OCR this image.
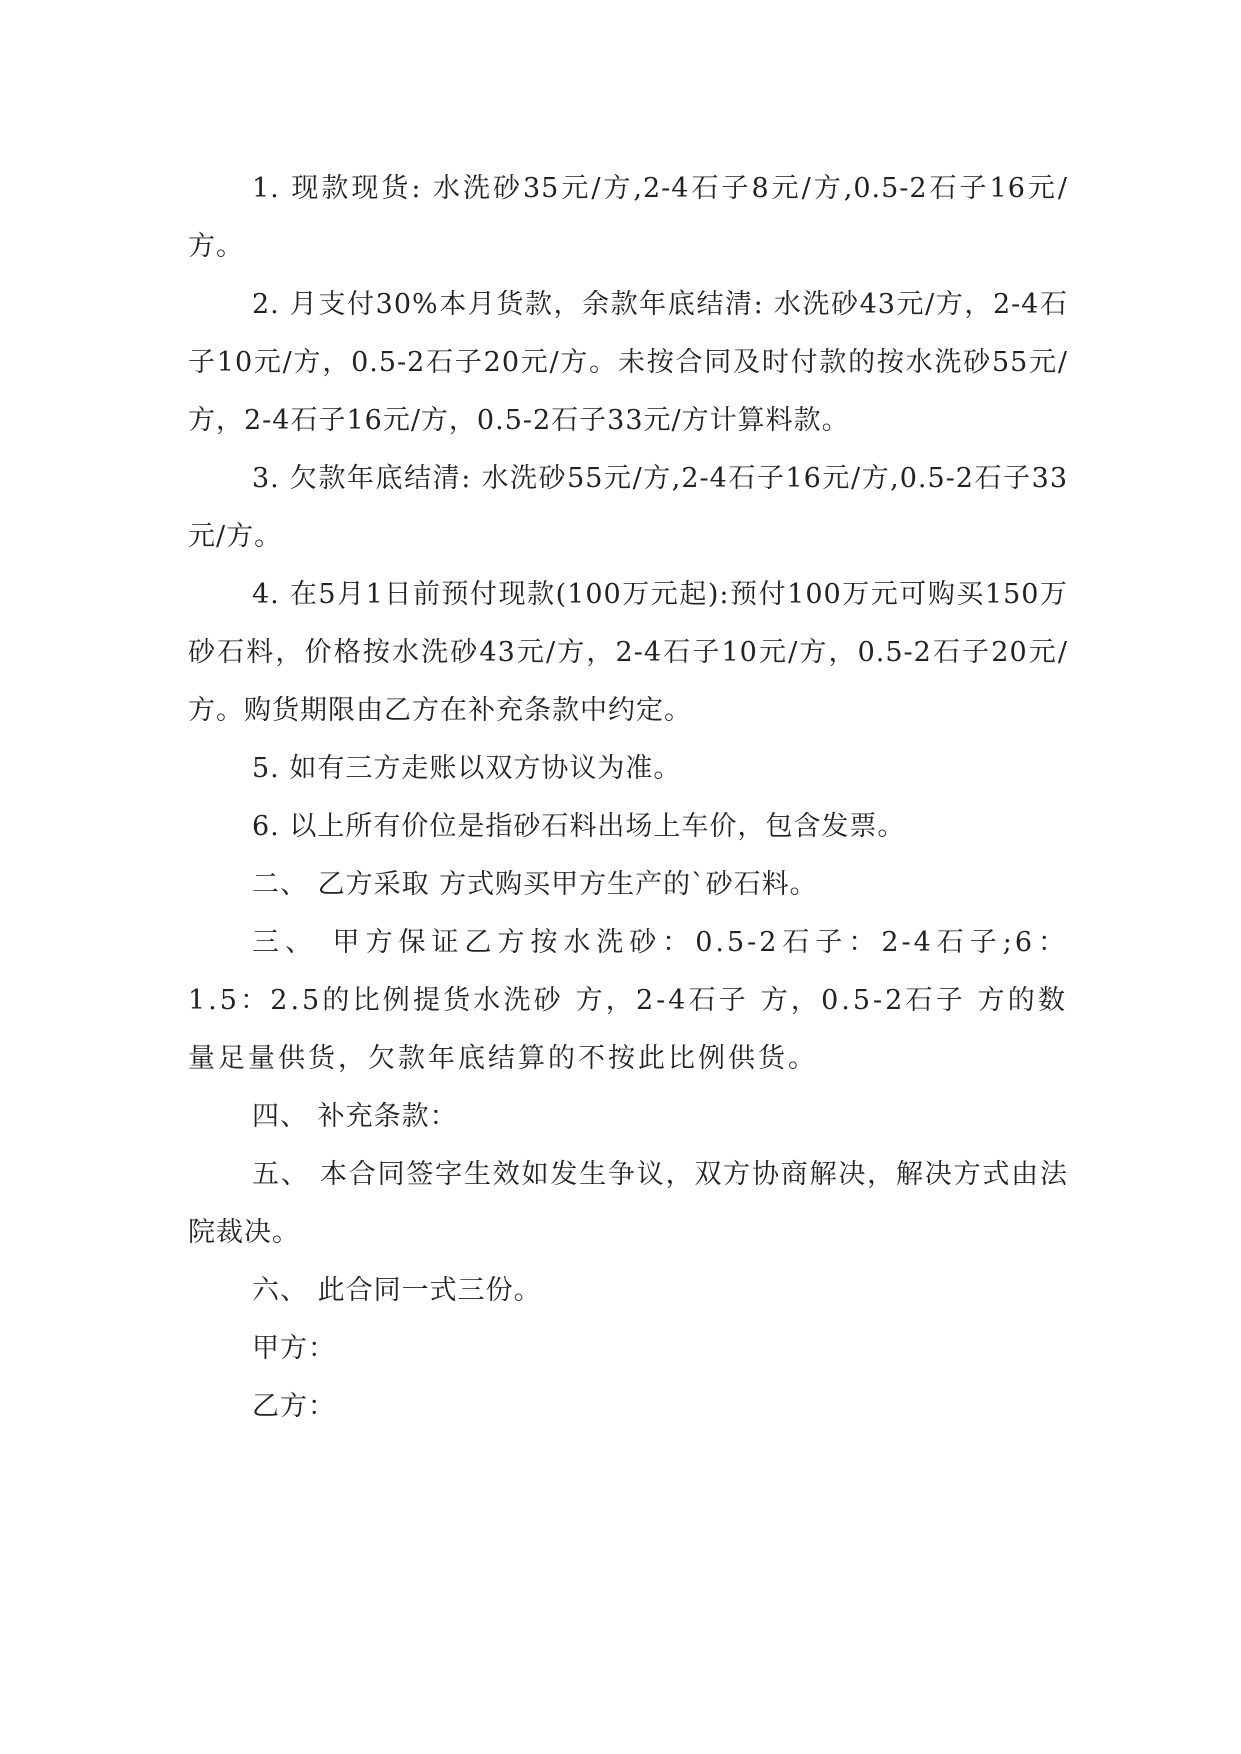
1. 现款现货: 水洗砂35元/方,2-4石子8元/方,0.5-2石子16元/方。

2. 月支付30%本月货款，余款年底结清: 水洗砂43元/方，2-4石子10元/方，0.5-2石子20元/方。未按合同及时付款的按水洗砂55元/方，2-4石子16元/方，0.5-2石子33元/方计算料款。

3. 欠款年底结清: 水洗砂55元/方,2-4石子16元/方,0.5-2石子33元/方。

4. 在5月1日前预付现款(100万元起):预付100万元可购买150万砂石料，价格按水洗砂43元/方，2-4石子10元/方，0.5-2石子20元/方。购货期限由乙方在补充条款中约定。

5. 如有三方走账以双方协议为准。

6. 以上所有价位是指砂石料出场上车价，包含发票。

二、 乙方采取 方式购买甲方生产的`砂石料。

三、 甲方保证乙方按水洗砂：0.5-2石子：2-4石子;6：1.5：2.5的比例提货水洗砂 方，2-4石子 方，0.5-2石子 方的数量足量供货，欠款年底结算的不按此比例供货。

四、 补充条款：

五、 本合同签字生效如发生争议，双方协商解决，解决方式由法院裁决。

六、 此合同一式三份。

甲方：

乙方：
